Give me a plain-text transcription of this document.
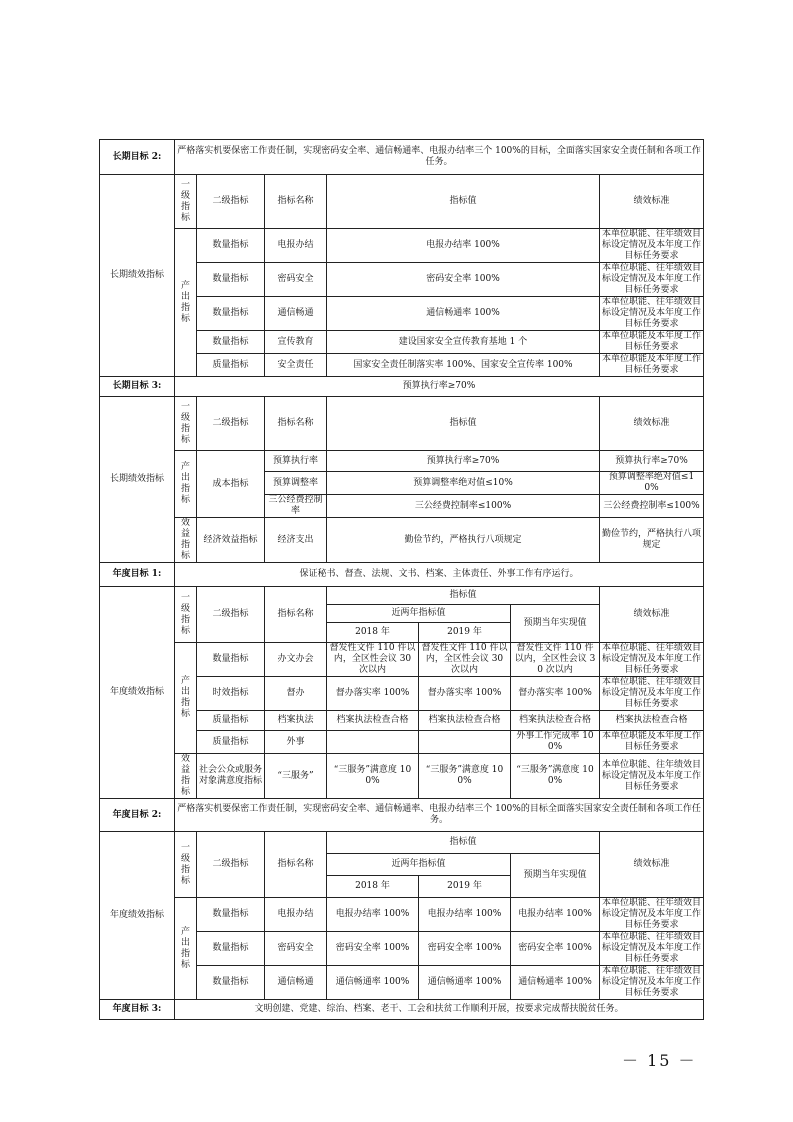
长期目标 2:	严格落实机要保密工作责任制，实现密码安全率、通信畅通率、电报办结率三个 100%的目标，全面落实国家安全责任制和各项工作任务。						
长期绩效指标	一级指标	二级指标	指标名称	指标值			绩效标准
	产出指标	数量指标	电报办结	电报办结率 100%			本单位职能、往年绩效目标设定情况及本年度工作目标任务要求
		数量指标	密码安全	密码安全率 100%			本单位职能、往年绩效目标设定情况及本年度工作目标任务要求
		数量指标	通信畅通	通信畅通率 100%			本单位职能、往年绩效目标设定情况及本年度工作目标任务要求
		数量指标	宣传教育	建设国家安全宣传教育基地 1 个			本单位职能及本年度工作目标任务要求
		质量指标	安全责任	国家安全责任制落实率 100%、国家安全宣传率 100%			本单位职能及本年度工作目标任务要求
长期目标 3:	预算执行率≥70%						
长期绩效指标	一级指标	二级指标	指标名称	指标值			绩效标准
	产出指标	成本指标	预算执行率	预算执行率≥70%			预算执行率≥70%
			预算调整率	预算调整率绝对值≤10%			预算调整率绝对值≤10%
			三公经费控制率	三公经费控制率≤100%			三公经费控制率≤100%
	效益指标	经济效益指标	经济支出	勤俭节约，严格执行八项规定			勤俭节约，严格执行八项规定
年度目标 1:	保证秘书、督查、法规、文书、档案、主体责任、外事工作有序运行。						
年度绩效指标	一级指标	二级指标	指标名称	指标值			绩效标准
				近两年指标值		预期当年实现值	
				2018 年	2019 年		
	产出指标	数量指标	办文办会	督发性文件 110 件以内，全区性会议 30 次以内	督发性文件 110 件以内，全区性会议 30 次以内	督发性文件 110 件以内，全区性会议 30 次以内	本单位职能、往年绩效目标设定情况及本年度工作目标任务要求
		时效指标	督办	督办落实率 100%	督办落实率 100%	督办落实率 100%	本单位职能、往年绩效目标设定情况及本年度工作目标任务要求
		质量指标	档案执法	档案执法检查合格	档案执法检查合格	档案执法检查合格	档案执法检查合格
		质量指标	外事			外事工作完成率 100%	本单位职能及本年度工作目标任务要求
	效益指标	社会公众或服务对象满意度指标	“三服务”	“三服务”满意度 100%	“三服务”满意度 100%	“三服务”满意度 100%	本单位职能、往年绩效目标设定情况及本年度工作目标任务要求
年度目标 2:	严格落实机要保密工作责任制，实现密码安全率、通信畅通率、电报办结率三个 100%的目标全面落实国家安全责任制和各项工作任务。						
年度绩效指标	一级指标	二级指标	指标名称	指标值			绩效标准
				近两年指标值		预期当年实现值	
				2018 年	2019 年		
	产出指标	数量指标	电报办结	电报办结率 100%	电报办结率 100%	电报办结率 100%	本单位职能、往年绩效目标设定情况及本年度工作目标任务要求
		数量指标	密码安全	密码安全率 100%	密码安全率 100%	密码安全率 100%	本单位职能、往年绩效目标设定情况及本年度工作目标任务要求
		数量指标	通信畅通	通信畅通率 100%	通信畅通率 100%	通信畅通率 100%	本单位职能、往年绩效目标设定情况及本年度工作目标任务要求
年度目标 3:	文明创建、党建、综治、档案、老干、工会和扶贫工作顺利开展，按要求完成帮扶脱贫任务。						
－ 15 －
